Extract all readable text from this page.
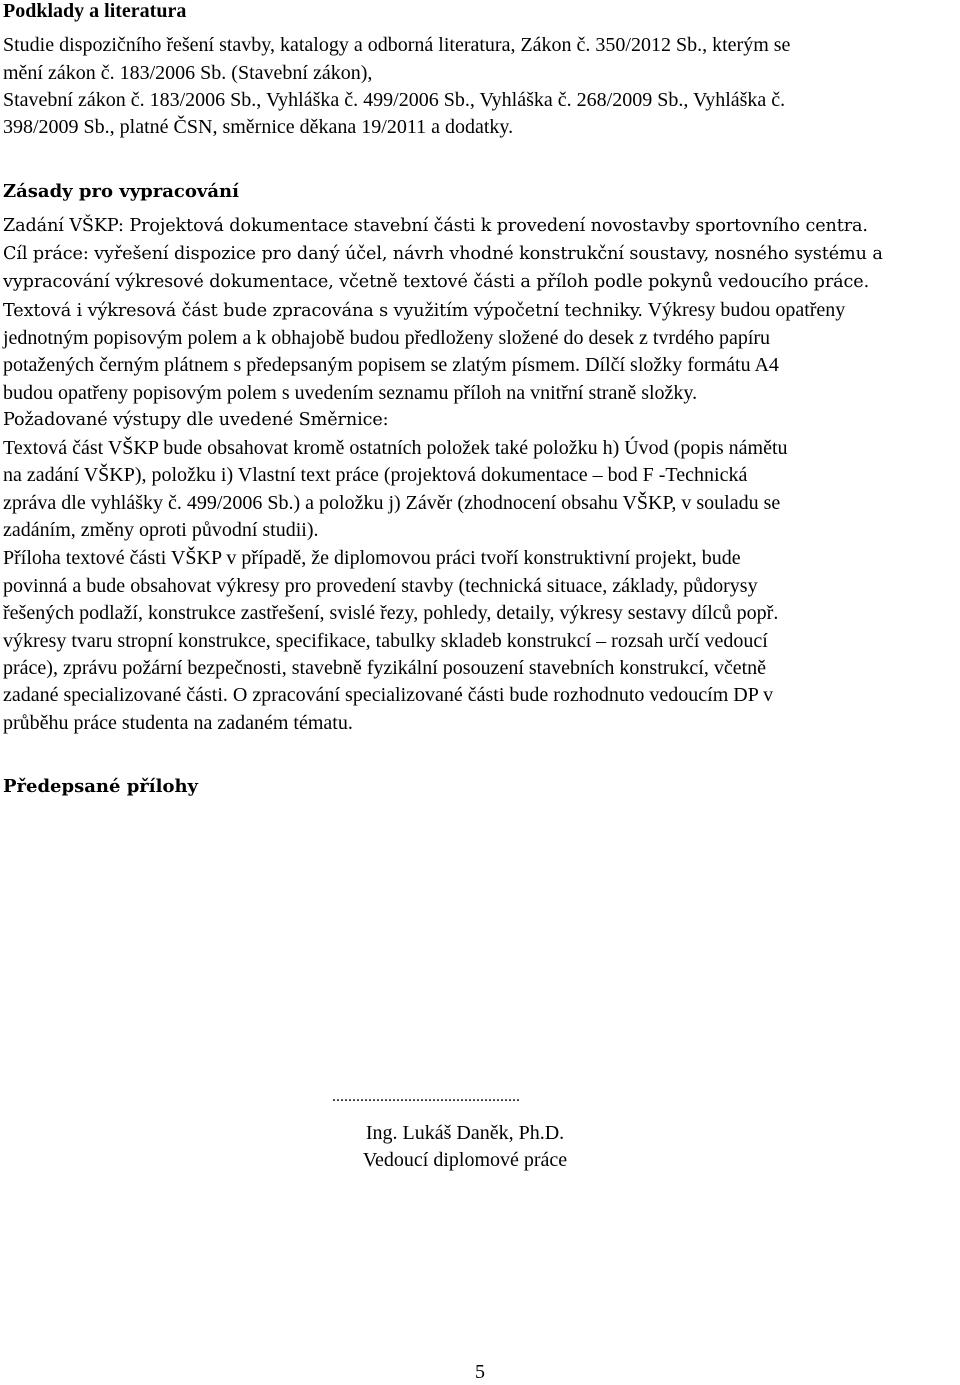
Podklady a literatura
Studie dispozičního řešení stavby, katalogy a odborná literatura, Zákon č. 350/2012 Sb., kterým se
mění zákon č. 183/2006 Sb. (Stavební zákon),
Stavební zákon č. 183/2006 Sb., Vyhláška č. 499/2006 Sb., Vyhláška č. 268/2009 Sb., Vyhláška č.
398/2009 Sb., platné ČSN, směrnice děkana 19/2011 a dodatky.
Zásady pro vypracování
Zadání VŠKP: Projektová dokumentace stavební části k provedení novostavby sportovního centra.
Cíl práce: vyřešení dispozice pro daný účel, návrh vhodné konstrukční soustavy, nosného systému a
vypracování výkresové dokumentace, včetně textové části a příloh podle pokynů vedoucího práce.
Textová i výkresová část bude zpracována s využitím výpočetní techniky. Výkresy budou opatřeny
jednotným popisovým polem a k obhajobě budou předloženy složené do desek z tvrdého papíru
potažených černým plátnem s předepsaným popisem se zlatým písmem. Dílčí složky formátu A4
budou opatřeny popisovým polem s uvedením seznamu příloh na vnitřní straně složky.
Požadované výstupy dle uvedené Směrnice:
Textová část VŠKP bude obsahovat kromě ostatních položek také položku h) Úvod (popis námětu
na zadání VŠKP), položku i) Vlastní text práce (projektová dokumentace – bod F -Technická
zpráva dle vyhlášky č. 499/2006 Sb.) a položku j) Závěr (zhodnocení obsahu VŠKP, v souladu se
zadáním, změny oproti původní studii).
Příloha textové části VŠKP v případě, že diplomovou práci tvoří konstruktivní projekt, bude
povinná a bude obsahovat výkresy pro provedení stavby (technická situace, základy, půdorysy
řešených podlaží, konstrukce zastřešení, svislé řezy, pohledy, detaily, výkresy sestavy dílců popř.
výkresy tvaru stropní konstrukce, specifikace, tabulky skladeb konstrukcí – rozsah určí vedoucí
práce), zprávu požární bezpečnosti, stavebně fyzikální posouzení stavebních konstrukcí, včetně
zadané specializované části. O zpracování specializované části bude rozhodnuto vedoucím DP v
průběhu práce studenta na zadaném tématu.
Předepsané přílohy
...............................................
Ing. Lukáš Daněk, Ph.D.
Vedoucí diplomové práce
5
